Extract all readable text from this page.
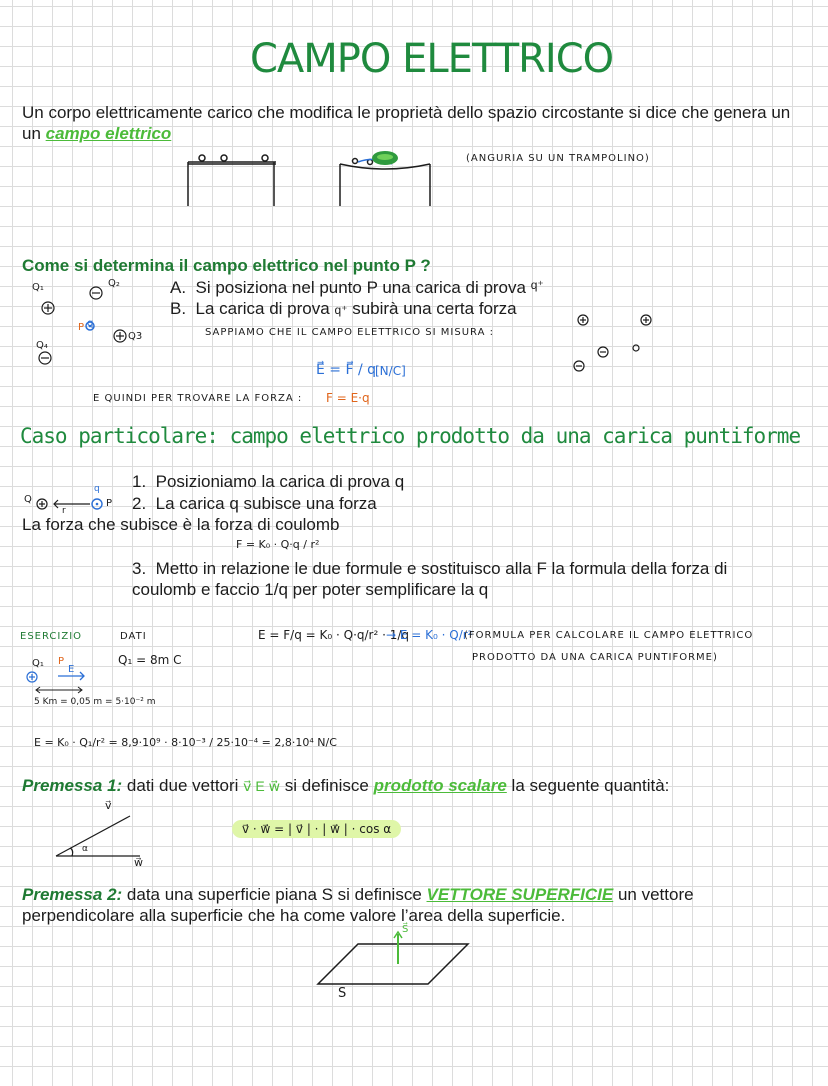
CAMPO ELETTRICO
Un corpo elettricamente carico che modifica le proprietà dello spazio circostante si dice che genera un
un campo elettrico
(ANGURIA SU UN TRAMPOLINO)
Come si determina il campo elettrico nel punto P ?
A. Si posiziona nel punto P una carica di prova $^{q^+}$
B. La carica di prova q⁺ subirà una certa forza
Q₁	Q₂
Q3
Q₄
P q
SAPPIAMO CHE IL CAMPO ELETTRICO SI MISURA :
E⃗ = F⃗ / q
[N/C]
E QUINDI PER TROVARE LA FORZA : F = E·q
Caso particolare: campo elettrico prodotto da una carica puntiforme
1. Posizioniamo la carica di prova q
2. La carica q subisce una forza
Q
r
P
q
La forza che subisce è la forza di coulomb
F = K₀ · Q·q / r²
3. Metto in relazione le due formule e sostituisco alla F la formula della forza di
coulomb e faccio 1/q per poter semplificare la q
ESERCIZIO	DATI
Q₁ = 8m C
E = F/q = K₀ · Q·q/r² · 1/q
→ E = K₀ · Q/r²
(FORMULA PER CALCOLARE IL CAMPO ELETTRICO
PRODOTTO DA UNA CARICA PUNTIFORME)
Q₁ P
E
5 Km = 0,05 m = 5·10⁻² m
E = K₀ · Q₁/r² = 8,9·10⁹ · 8·10⁻³ / 25·10⁻⁴ = 2,8·10⁴ N/C
Premessa 1: dati due vettori v⃗ E w⃗ si definisce prodotto scalare la seguente quantità:
v⃗
w⃗
α
v⃗ · w⃗ = | v⃗ | · | w⃗ | · cos α
Premessa 2: data una superficie piana S si definisce VETTORE SUPERFICIE un vettore
perpendicolare alla superficie che ha come valore l’area della superficie.
S
S⃗
